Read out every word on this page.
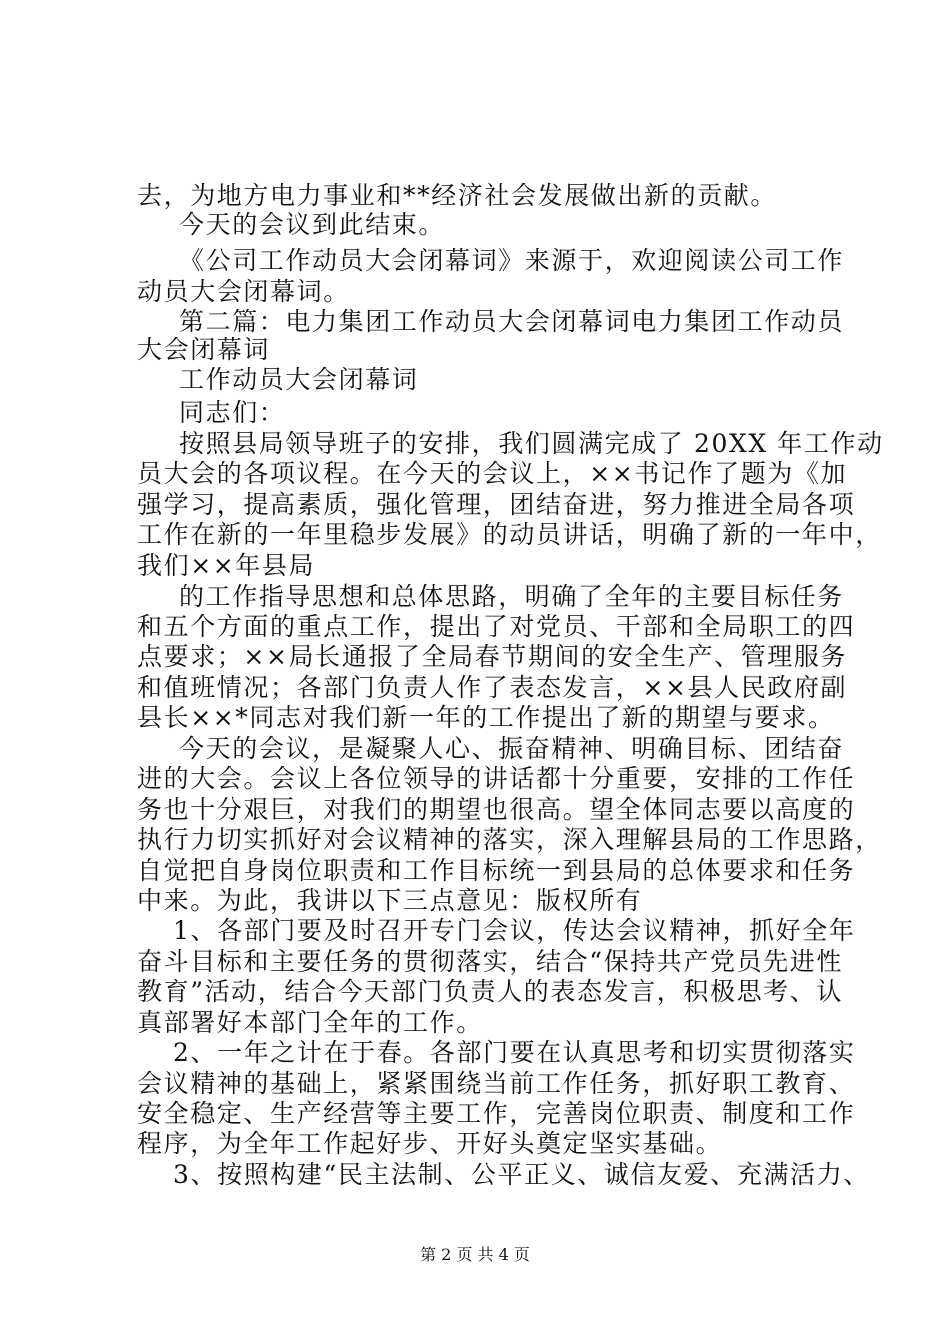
去，为地方电力事业和**经济社会发展做出新的贡献。
今天的会议到此结束。
《公司工作动员大会闭幕词》来源于，欢迎阅读公司工作
动员大会闭幕词。
第二篇：电力集团工作动员大会闭幕词电力集团工作动员
大会闭幕词
工作动员大会闭幕词
同志们：
按照县局领导班子的安排，我们圆满完成了 20XX 年工作动
员大会的各项议程。在今天的会议上，××书记作了题为《加
强学习，提高素质，强化管理，团结奋进，努力推进全局各项
工作在新的一年里稳步发展》的动员讲话，明确了新的一年中，
我们××年县局
的工作指导思想和总体思路，明确了全年的主要目标任务
和五个方面的重点工作，提出了对党员、干部和全局职工的四
点要求；××局长通报了全局春节期间的安全生产、管理服务
和值班情况；各部门负责人作了表态发言，××县人民政府副
县长××*同志对我们新一年的工作提出了新的期望与要求。
今天的会议，是凝聚人心、振奋精神、明确目标、团结奋
进的大会。会议上各位领导的讲话都十分重要，安排的工作任
务也十分艰巨，对我们的期望也很高。望全体同志要以高度的
执行力切实抓好对会议精神的落实，深入理解县局的工作思路，
自觉把自身岗位职责和工作目标统一到县局的总体要求和任务
中来。为此，我讲以下三点意见：版权所有
1、各部门要及时召开专门会议，传达会议精神，抓好全年
奋斗目标和主要任务的贯彻落实，结合“保持共产党员先进性
教育”活动，结合今天部门负责人的表态发言，积极思考、认
真部署好本部门全年的工作。
2、一年之计在于春。各部门要在认真思考和切实贯彻落实
会议精神的基础上，紧紧围绕当前工作任务，抓好职工教育、
安全稳定、生产经营等主要工作，完善岗位职责、制度和工作
程序，为全年工作起好步、开好头奠定坚实基础。
3、按照构建“民主法制、公平正义、诚信友爱、充满活力、
第 2 页 共 4 页
